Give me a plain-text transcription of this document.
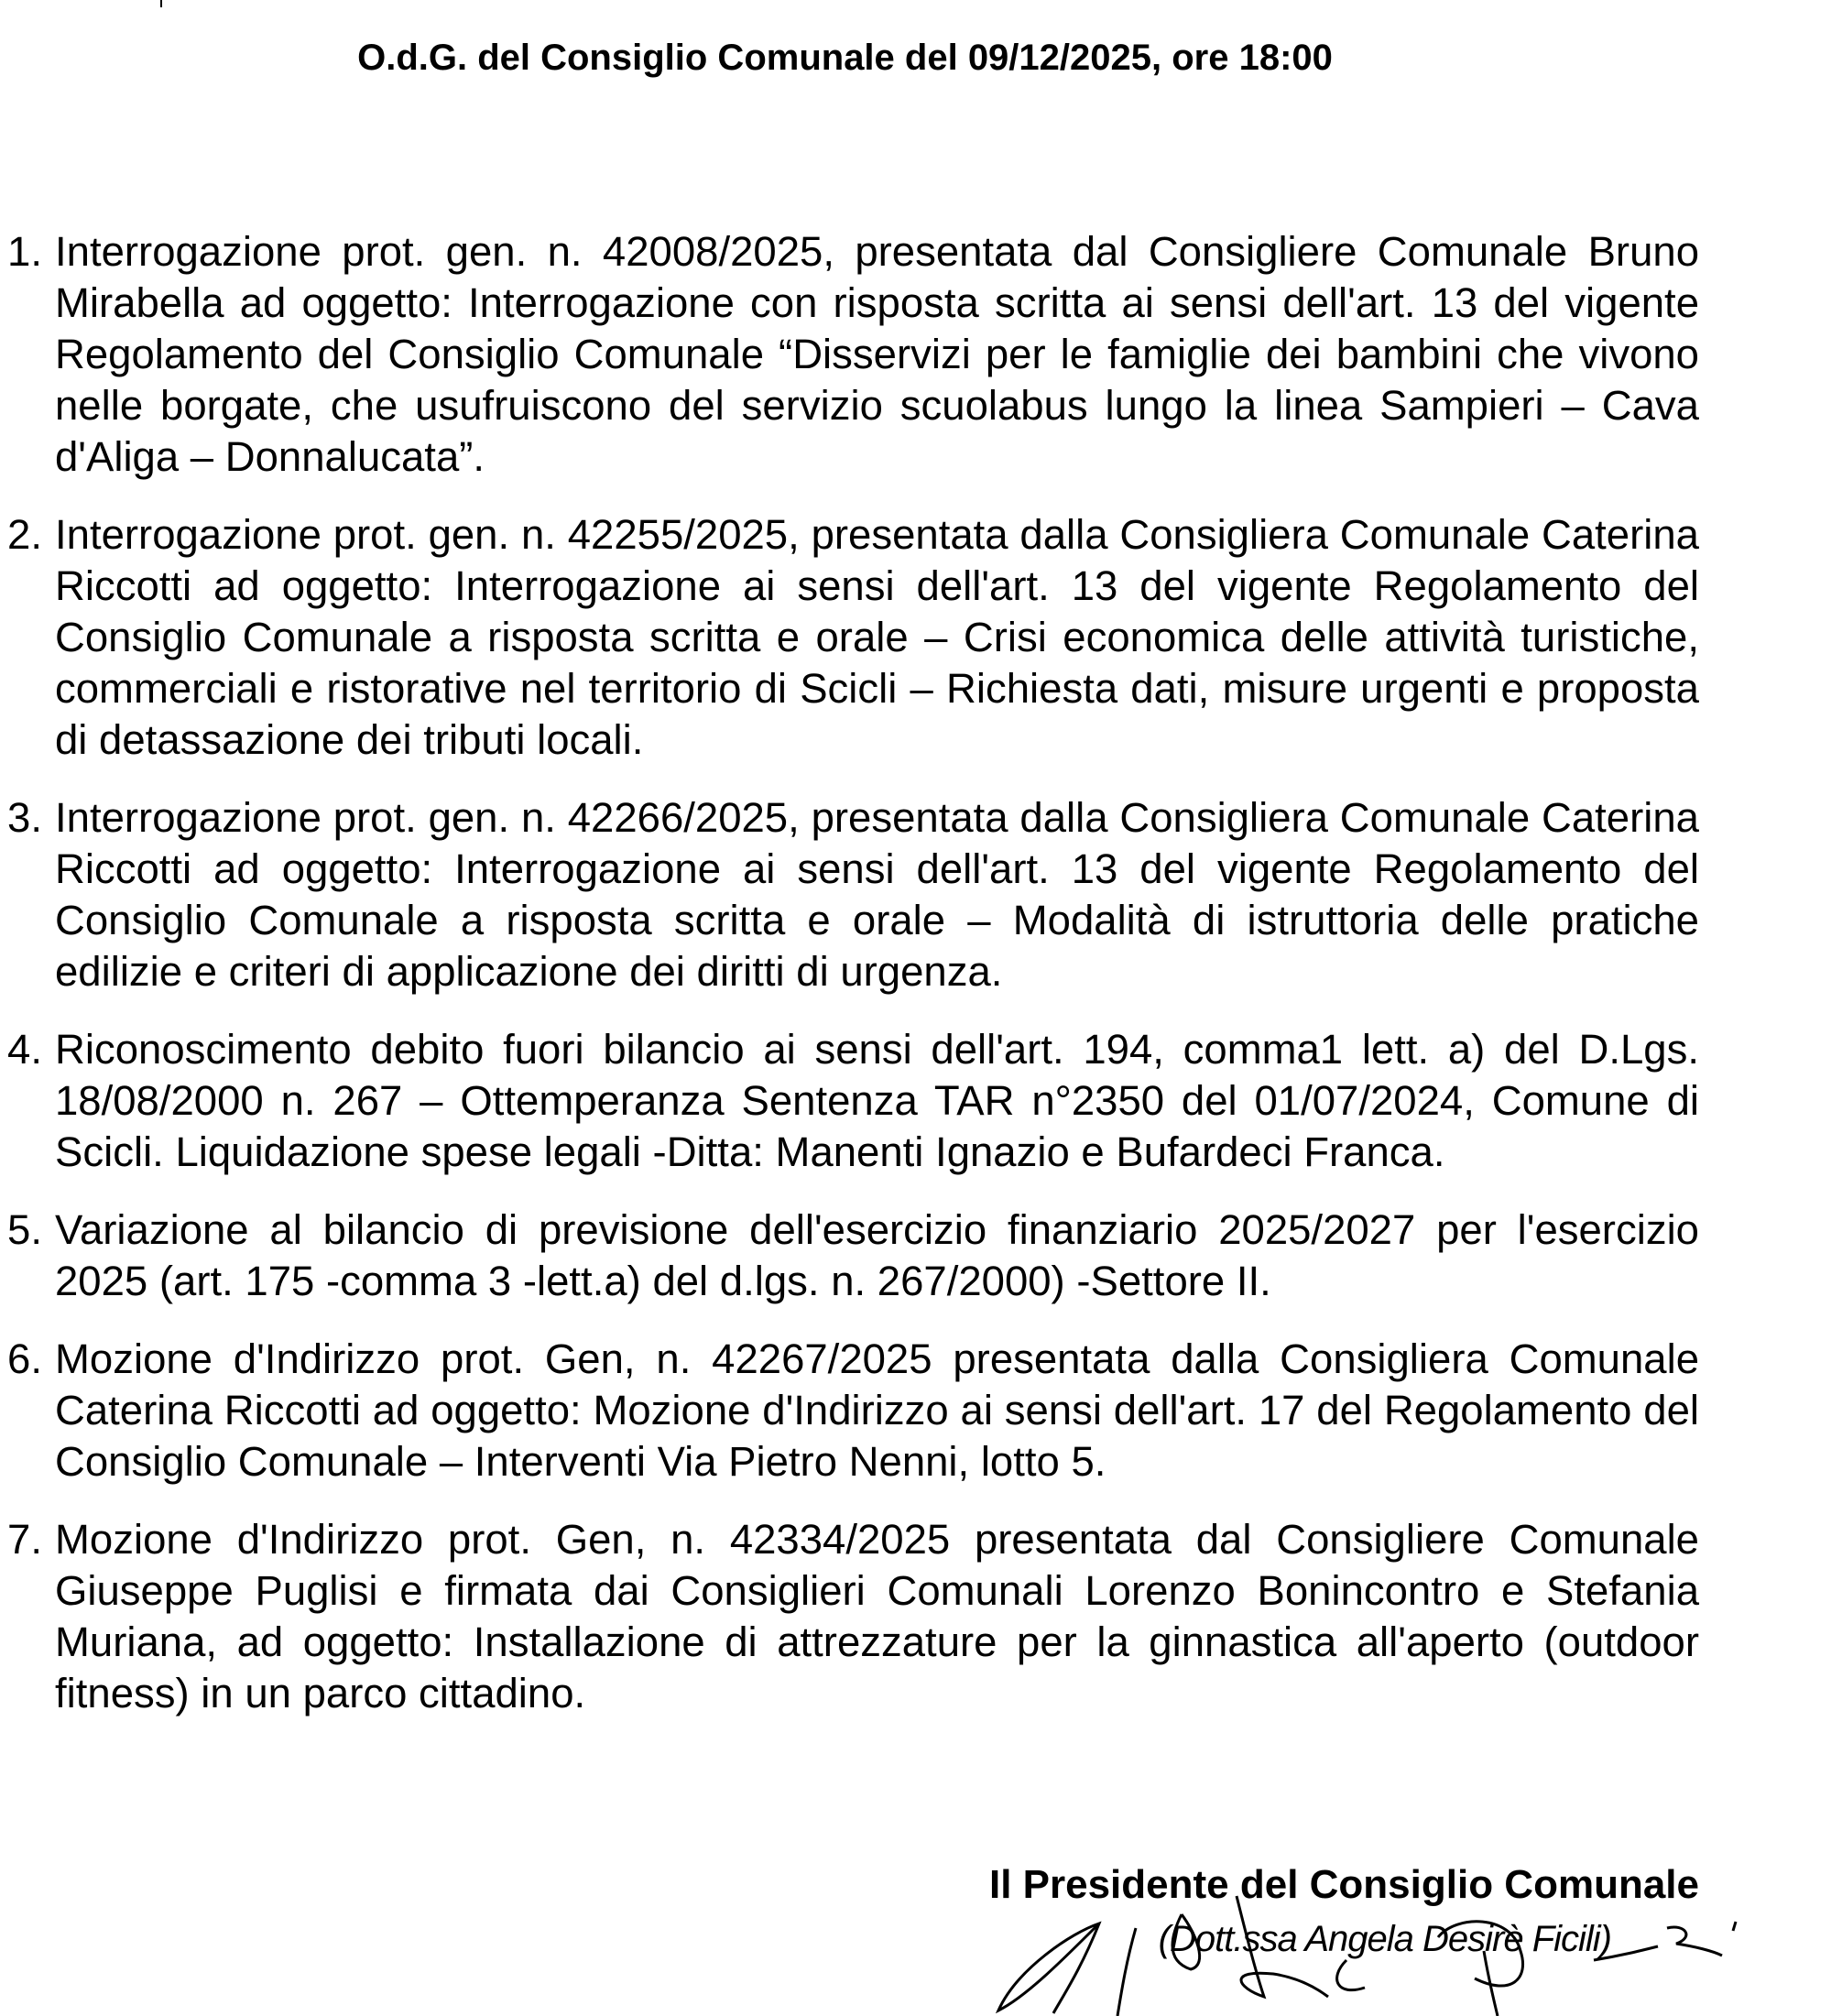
O.d.G. del Consiglio Comunale del 09/12/2025, ore 18:00
1. Interrogazione prot. gen. n. 42008/2025, presentata dal Consigliere Comunale Bruno Mirabella ad oggetto: Interrogazione con risposta scritta ai sensi dell'art. 13 del vigente Regolamento del Consiglio Comunale “Disservizi per le famiglie dei bambini che vivono nelle borgate, che usufruiscono del servizio scuolabus lungo la linea Sampieri – Cava d'Aliga – Donnalucata”.
2. Interrogazione prot. gen. n. 42255/2025, presentata dalla Consigliera Comunale Caterina Riccotti ad oggetto: Interrogazione ai sensi dell'art. 13 del vigente Regolamento del Consiglio Comunale a risposta scritta e orale – Crisi economica delle attività turistiche, commerciali e ristorative nel territorio di Scicli – Richiesta dati, misure urgenti e proposta di detassazione dei tributi locali.
3. Interrogazione prot. gen. n. 42266/2025, presentata dalla Consigliera Comunale Caterina Riccotti ad oggetto: Interrogazione ai sensi dell'art. 13 del vigente Regolamento del Consiglio Comunale a risposta scritta e orale – Modalità di istruttoria delle pratiche edilizie e criteri di applicazione dei diritti di urgenza.
4. Riconoscimento debito fuori bilancio ai sensi dell'art. 194, comma1 lett. a) del D.Lgs. 18/08/2000 n. 267 – Ottemperanza Sentenza TAR n°2350 del 01/07/2024, Comune di Scicli. Liquidazione spese legali -Ditta: Manenti Ignazio e Bufardeci Franca.
5. Variazione al bilancio di previsione dell'esercizio finanziario 2025/2027 per l'esercizio 2025 (art. 175 -comma 3 -lett.a) del d.lgs. n. 267/2000) -Settore II.
6. Mozione d'Indirizzo prot. Gen, n. 42267/2025 presentata dalla Consigliera Comunale Caterina Riccotti ad oggetto: Mozione d'Indirizzo ai sensi dell'art. 17 del Regolamento del Consiglio Comunale – Interventi Via Pietro Nenni, lotto 5.
7. Mozione d'Indirizzo prot. Gen, n. 42334/2025 presentata dal Consigliere Comunale Giuseppe Puglisi e firmata dai Consiglieri Comunali Lorenzo Bonincontro e Stefania Muriana, ad oggetto: Installazione di attrezzature per la ginnastica all'aperto (outdoor fitness) in un parco cittadino.
Il Presidente del Consiglio Comunale
(Dott.ssa Angela Desirè Ficili)
